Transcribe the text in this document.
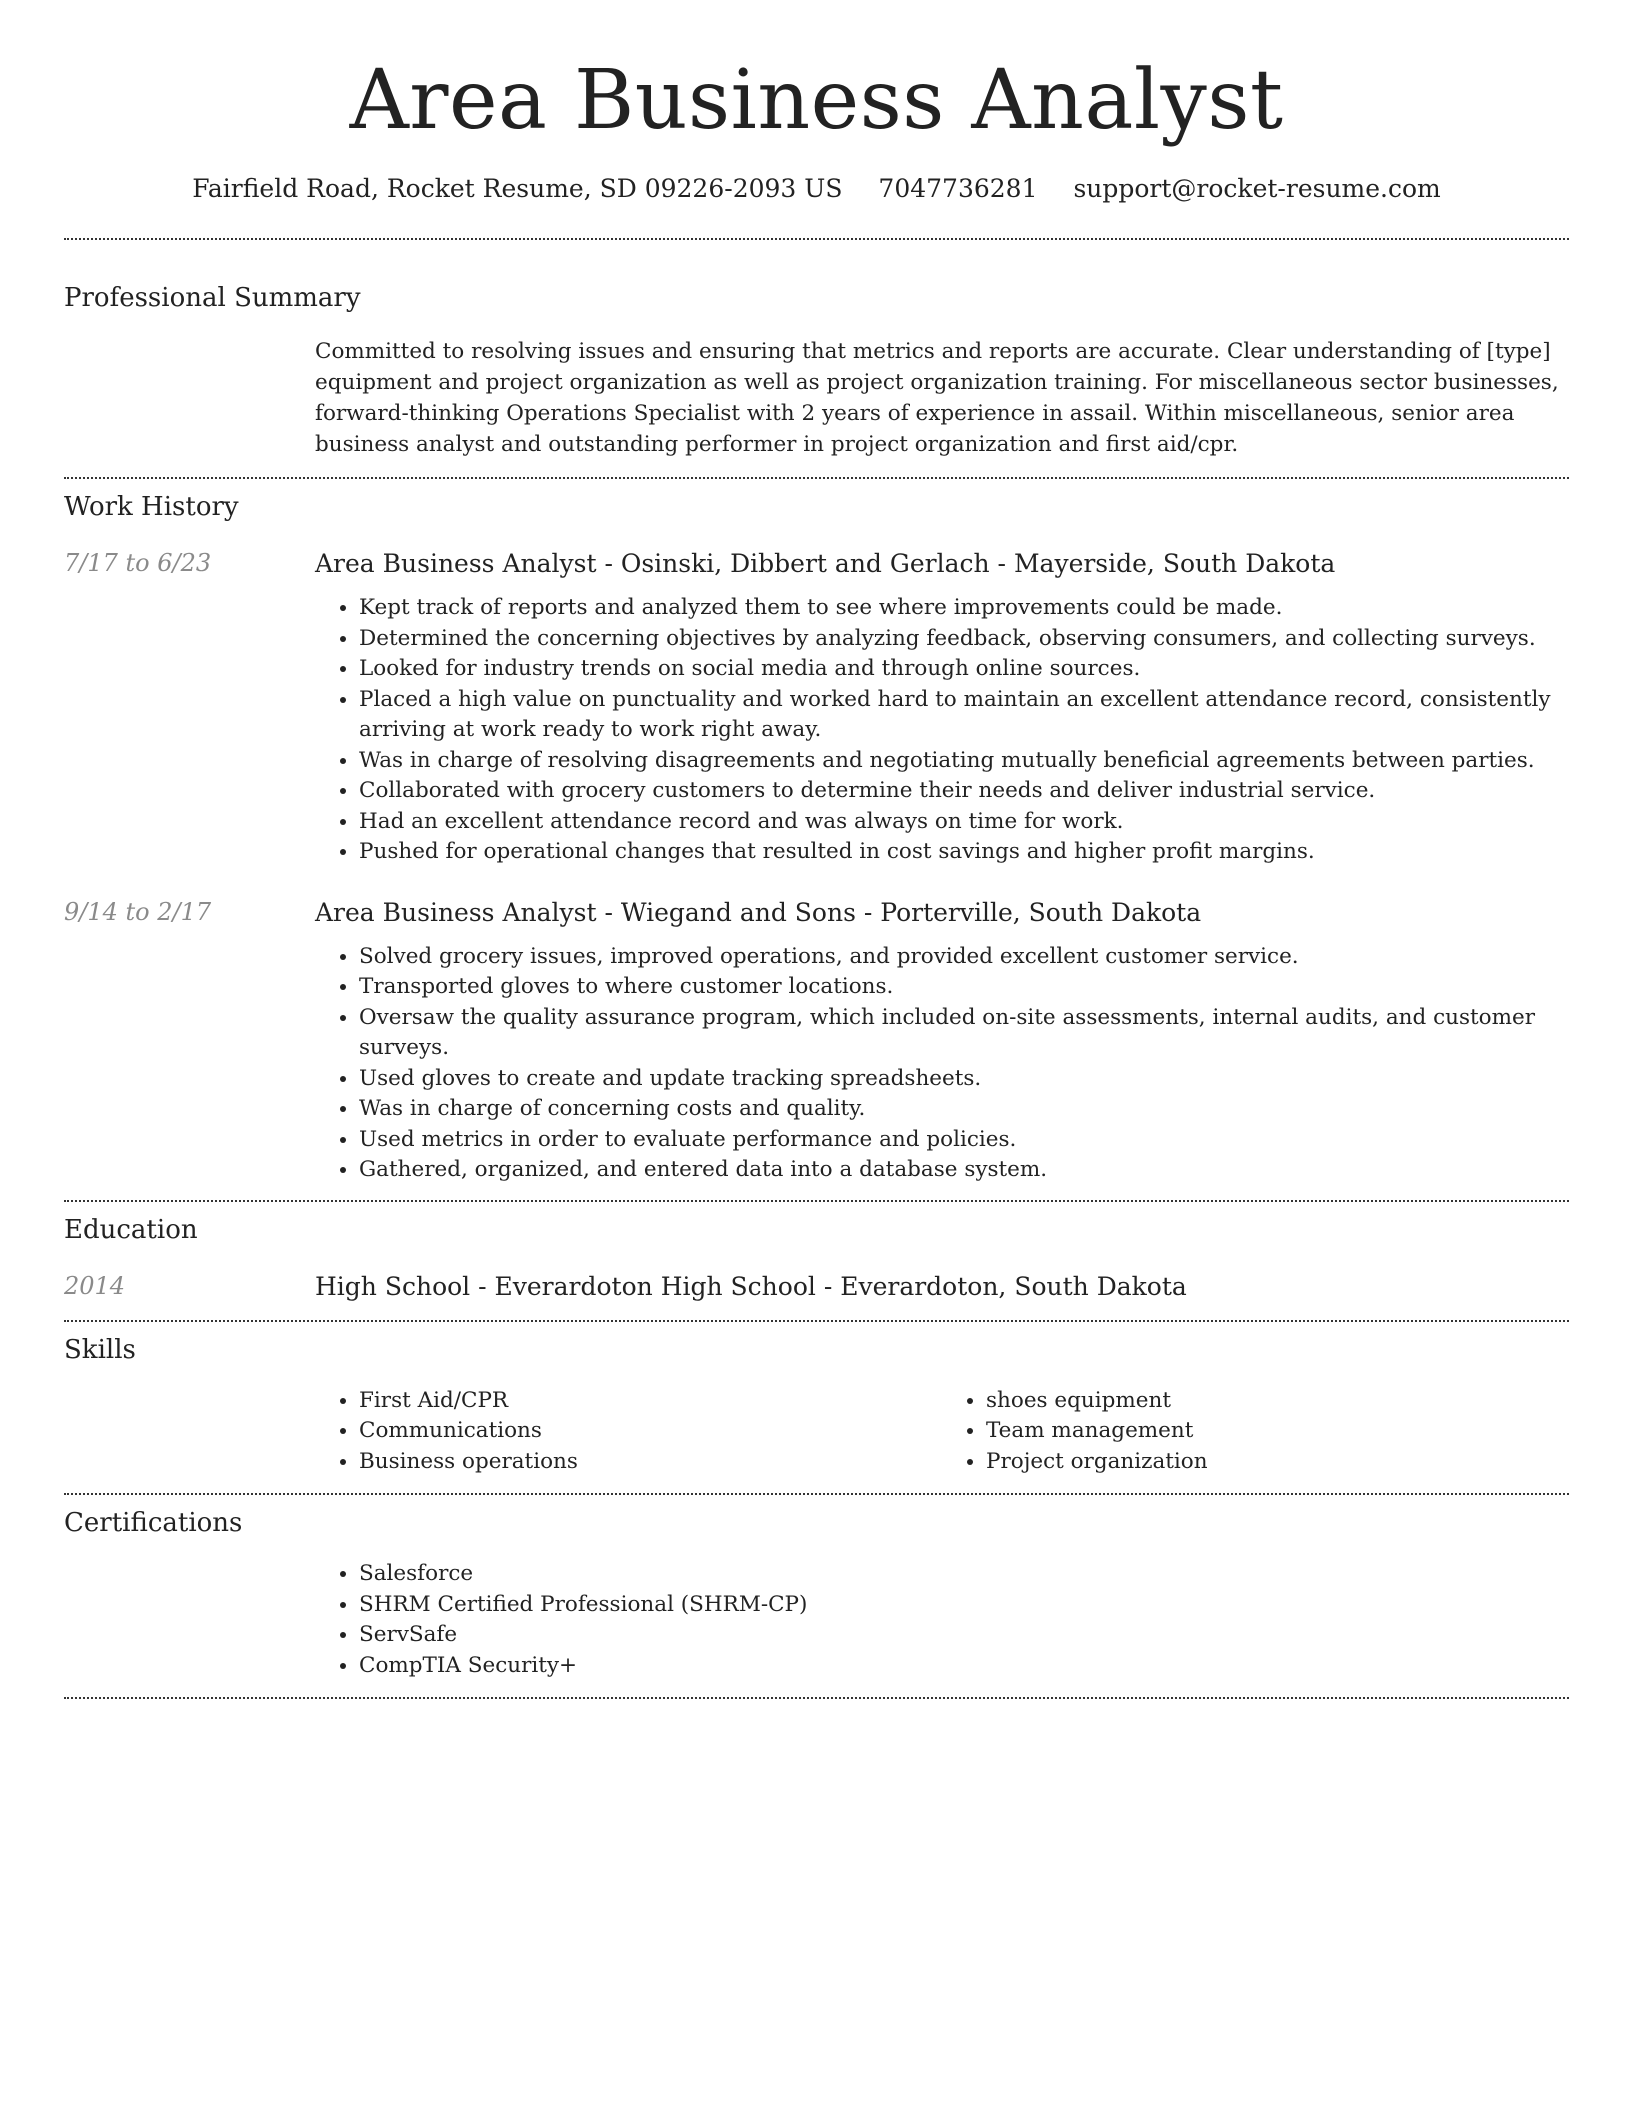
Area Business Analyst
Fairfield Road, Rocket Resume, SD 09226-2093 US 7047736281 support@rocket-resume.com
Professional Summary

Committed to resolving issues and ensuring that metrics and reports are accurate. Clear understanding of [type] equipment and project organization as well as project organization training. For miscellaneous sector businesses, forward-thinking Operations Specialist with 2 years of experience in assail. Within miscellaneous, senior area business analyst and outstanding performer in project organization and first aid/cpr.

Work History
7/17 to 6/23	Area Business Analyst - Osinski, Dibbert and Gerlach - Mayerside, South Dakota
• Kept track of reports and analyzed them to see where improvements could be made.
• Determined the concerning objectives by analyzing feedback, observing consumers, and collecting surveys.
• Looked for industry trends on social media and through online sources.
• Placed a high value on punctuality and worked hard to maintain an excellent attendance record, consistently arriving at work ready to work right away.
• Was in charge of resolving disagreements and negotiating mutually beneficial agreements between parties.
• Collaborated with grocery customers to determine their needs and deliver industrial service.
• Had an excellent attendance record and was always on time for work.
• Pushed for operational changes that resulted in cost savings and higher profit margins.
9/14 to 2/17	Area Business Analyst - Wiegand and Sons - Porterville, South Dakota
• Solved grocery issues, improved operations, and provided excellent customer service.
• Transported gloves to where customer locations.
• Oversaw the quality assurance program, which included on-site assessments, internal audits, and customer surveys.
• Used gloves to create and update tracking spreadsheets.
• Was in charge of concerning costs and quality.
• Used metrics in order to evaluate performance and policies.
• Gathered, organized, and entered data into a database system.
Education
2014	High School - Everardoton High School - Everardoton, South Dakota
Skills
• First Aid/CPR
• Communications
• Business operations
• shoes equipment
• Team management
• Project organization
Certifications
• Salesforce
• SHRM Certified Professional (SHRM-CP)
• ServSafe
• CompTIA Security+
